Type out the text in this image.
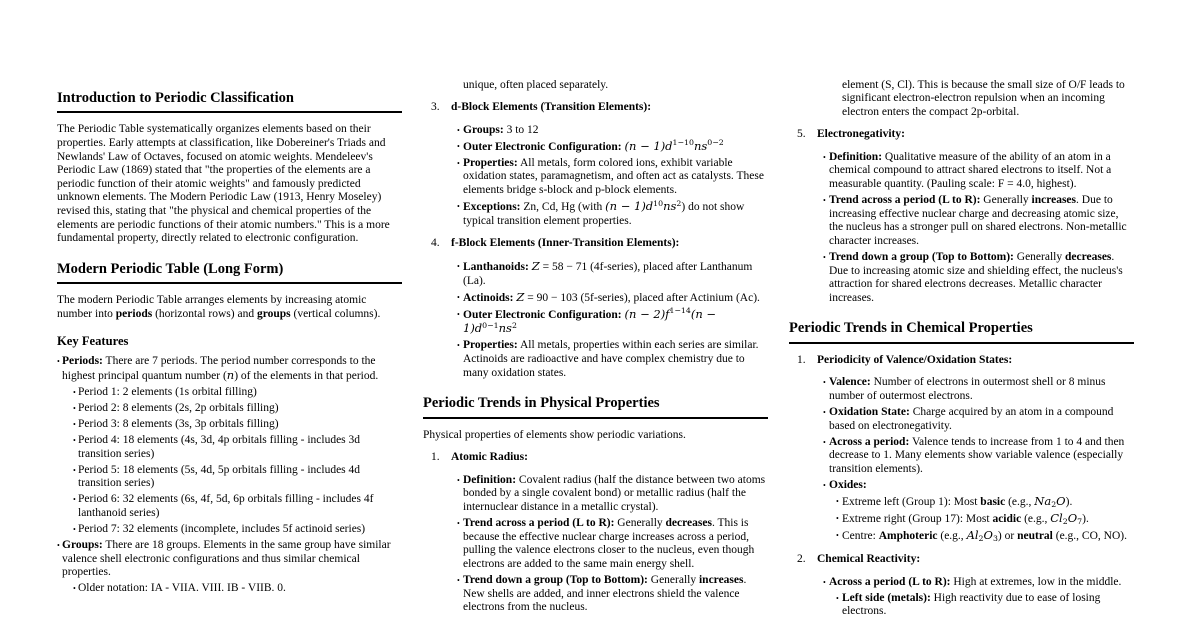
Introduction to Periodic Classification
The Periodic Table systematically organizes elements based on their properties. Early attempts at classification, like Dobereiner's Triads and Newlands' Law of Octaves, focused on atomic weights. Mendeleev's Periodic Law (1869) stated that "the properties of the elements are a periodic function of their atomic weights" and famously predicted unknown elements. The Modern Periodic Law (1913, Henry Moseley) revised this, stating that "the physical and chemical properties of the elements are periodic functions of their atomic numbers." This is a more fundamental property, directly related to electronic configuration.
Modern Periodic Table (Long Form)
The modern Periodic Table arranges elements by increasing atomic number into periods (horizontal rows) and groups (vertical columns).
Key Features
• Periods: There are 7 periods. The period number corresponds to the highest principal quantum number (n) of the elements in that period.
• Period 1: 2 elements (1s orbital filling)
• Period 2: 8 elements (2s, 2p orbitals filling)
• Period 3: 8 elements (3s, 3p orbitals filling)
• Period 4: 18 elements (4s, 3d, 4p orbitals filling - includes 3d transition series)
• Period 5: 18 elements (5s, 4d, 5p orbitals filling - includes 4d transition series)
• Period 6: 32 elements (6s, 4f, 5d, 6p orbitals filling - includes 4f lanthanoid series)
• Period 7: 32 elements (incomplete, includes 5f actinoid series)
• Groups: There are 18 groups. Elements in the same group have similar valence shell electronic configurations and thus similar chemical properties.
• Older notation: IA - VIIA. VIII. IB - VIIB. 0.
unique, often placed separately.
3. d-Block Elements (Transition Elements):
• Groups: 3 to 12
• Outer Electronic Configuration: $(n - 1)d^{1-10}ns^{0-2}$
• Properties: All metals, form colored ions, exhibit variable oxidation states, paramagnetism, and often act as catalysts. These elements bridge s-block and p-block elements.
• Exceptions: Zn, Cd, Hg (with $(n - 1)d^{10}ns^2$) do not show typical transition element properties.
4. f-Block Elements (Inner-Transition Elements):
• Lanthanoids: Z = 58 − 71 (4f-series), placed after Lanthanum (La).
• Actinoids: Z = 90 − 103 (5f-series), placed after Actinium (Ac).
• Outer Electronic Configuration: $(n - 2)f^{1-14}(n - 1)d^{0-1}ns^2$
• Properties: All metals, properties within each series are similar. Actinoids are radioactive and have complex chemistry due to many oxidation states.
Periodic Trends in Physical Properties
Physical properties of elements show periodic variations.
1. Atomic Radius:
• Definition: Covalent radius (half the distance between two atoms bonded by a single covalent bond) or metallic radius (half the internuclear distance in a metallic crystal).
• Trend across a period (L to R): Generally decreases. This is because the effective nuclear charge increases across a period, pulling the valence electrons closer to the nucleus, even though electrons are added to the same main energy shell.
• Trend down a group (Top to Bottom): Generally increases. New shells are added, and inner electrons shield the valence electrons from the nucleus.
element (S, Cl). This is because the small size of O/F leads to significant electron-electron repulsion when an incoming electron enters the compact 2p-orbital.
5. Electronegativity:
• Definition: Qualitative measure of the ability of an atom in a chemical compound to attract shared electrons to itself. Not a measurable quantity. (Pauling scale: F = 4.0, highest).
• Trend across a period (L to R): Generally increases. Due to increasing effective nuclear charge and decreasing atomic size, the nucleus has a stronger pull on shared electrons. Non-metallic character increases.
• Trend down a group (Top to Bottom): Generally decreases. Due to increasing atomic size and shielding effect, the nucleus's attraction for shared electrons decreases. Metallic character increases.
Periodic Trends in Chemical Properties
1. Periodicity of Valence/Oxidation States:
• Valence: Number of electrons in outermost shell or 8 minus number of outermost electrons.
• Oxidation State: Charge acquired by an atom in a compound based on electronegativity.
• Across a period: Valence tends to increase from 1 to 4 and then decrease to 1. Many elements show variable valence (especially transition elements).
• Oxides:
• Extreme left (Group 1): Most basic (e.g., Na2O).
• Extreme right (Group 17): Most acidic (e.g., Cl2O7).
• Centre: Amphoteric (e.g., Al2O3) or neutral (e.g., CO, NO).
2. Chemical Reactivity:
• Across a period (L to R): High at extremes, low in the middle.
• Left side (metals): High reactivity due to ease of losing electrons.
